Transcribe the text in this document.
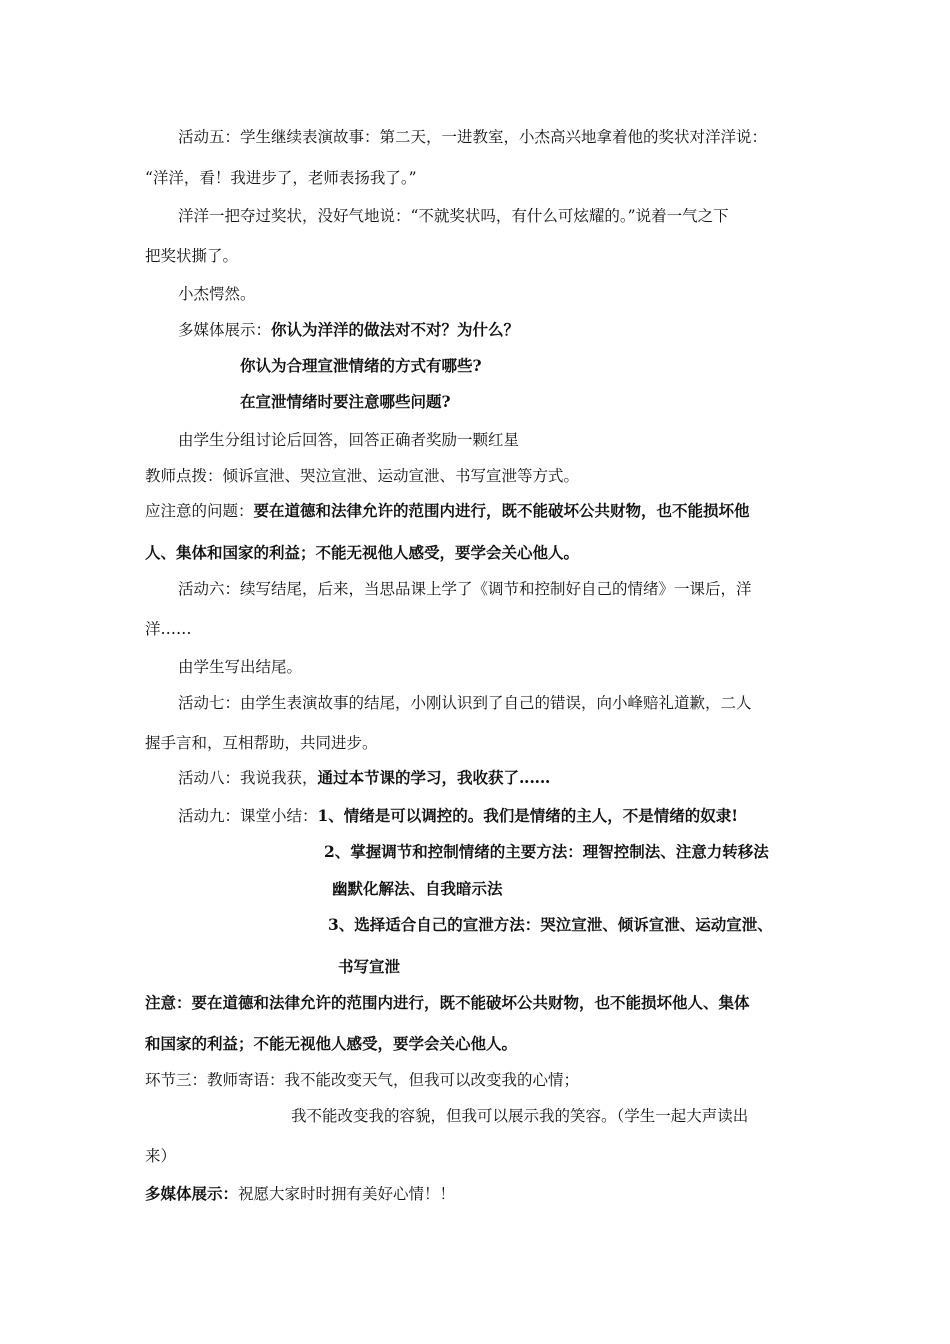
活动五：学生继续表演故事：第二天，一进教室，小杰高兴地拿着他的奖状对洋洋说：
“洋洋，看！我进步了，老师表扬我了。”
洋洋一把夺过奖状，没好气地说：“不就奖状吗，有什么可炫耀的。”说着一气之下
把奖状撕了。
小杰愕然。
多媒体展示：你认为洋洋的做法对不对？为什么？
你认为合理宣泄情绪的方式有哪些?
在宣泄情绪时要注意哪些问题?
由学生分组讨论后回答，回答正确者奖励一颗红星
教师点拨：倾诉宣泄、哭泣宣泄、运动宣泄、书写宣泄等方式。
应注意的问题：要在道德和法律允许的范围内进行，既不能破坏公共财物，也不能损坏他
人、集体和国家的利益；不能无视他人感受，要学会关心他人。
活动六：续写结尾，后来，当思品课上学了《调节和控制好自己的情绪》一课后，洋
洋……
由学生写出结尾。
活动七：由学生表演故事的结尾，小刚认识到了自己的错误，向小峰赔礼道歉，二人
握手言和，互相帮助，共同进步。
活动八：我说我获，通过本节课的学习，我收获了‥‥‥
活动九：课堂小结：1、情绪是可以调控的。我们是情绪的主人，不是情绪的奴隶!
2、掌握调节和控制情绪的主要方法：理智控制法、注意力转移法
幽默化解法、自我暗示法
3、选择适合自己的宣泄方法：哭泣宣泄、倾诉宣泄、运动宣泄、
书写宣泄
注意：要在道德和法律允许的范围内进行，既不能破坏公共财物，也不能损坏他人、集体
和国家的利益；不能无视他人感受，要学会关心他人。
环节三：教师寄语：我不能改变天气，但我可以改变我的心情；
我不能改变我的容貌，但我可以展示我的笑容。（学生一起大声读出
来）
多媒体展示：祝愿大家时时拥有美好心情！！
